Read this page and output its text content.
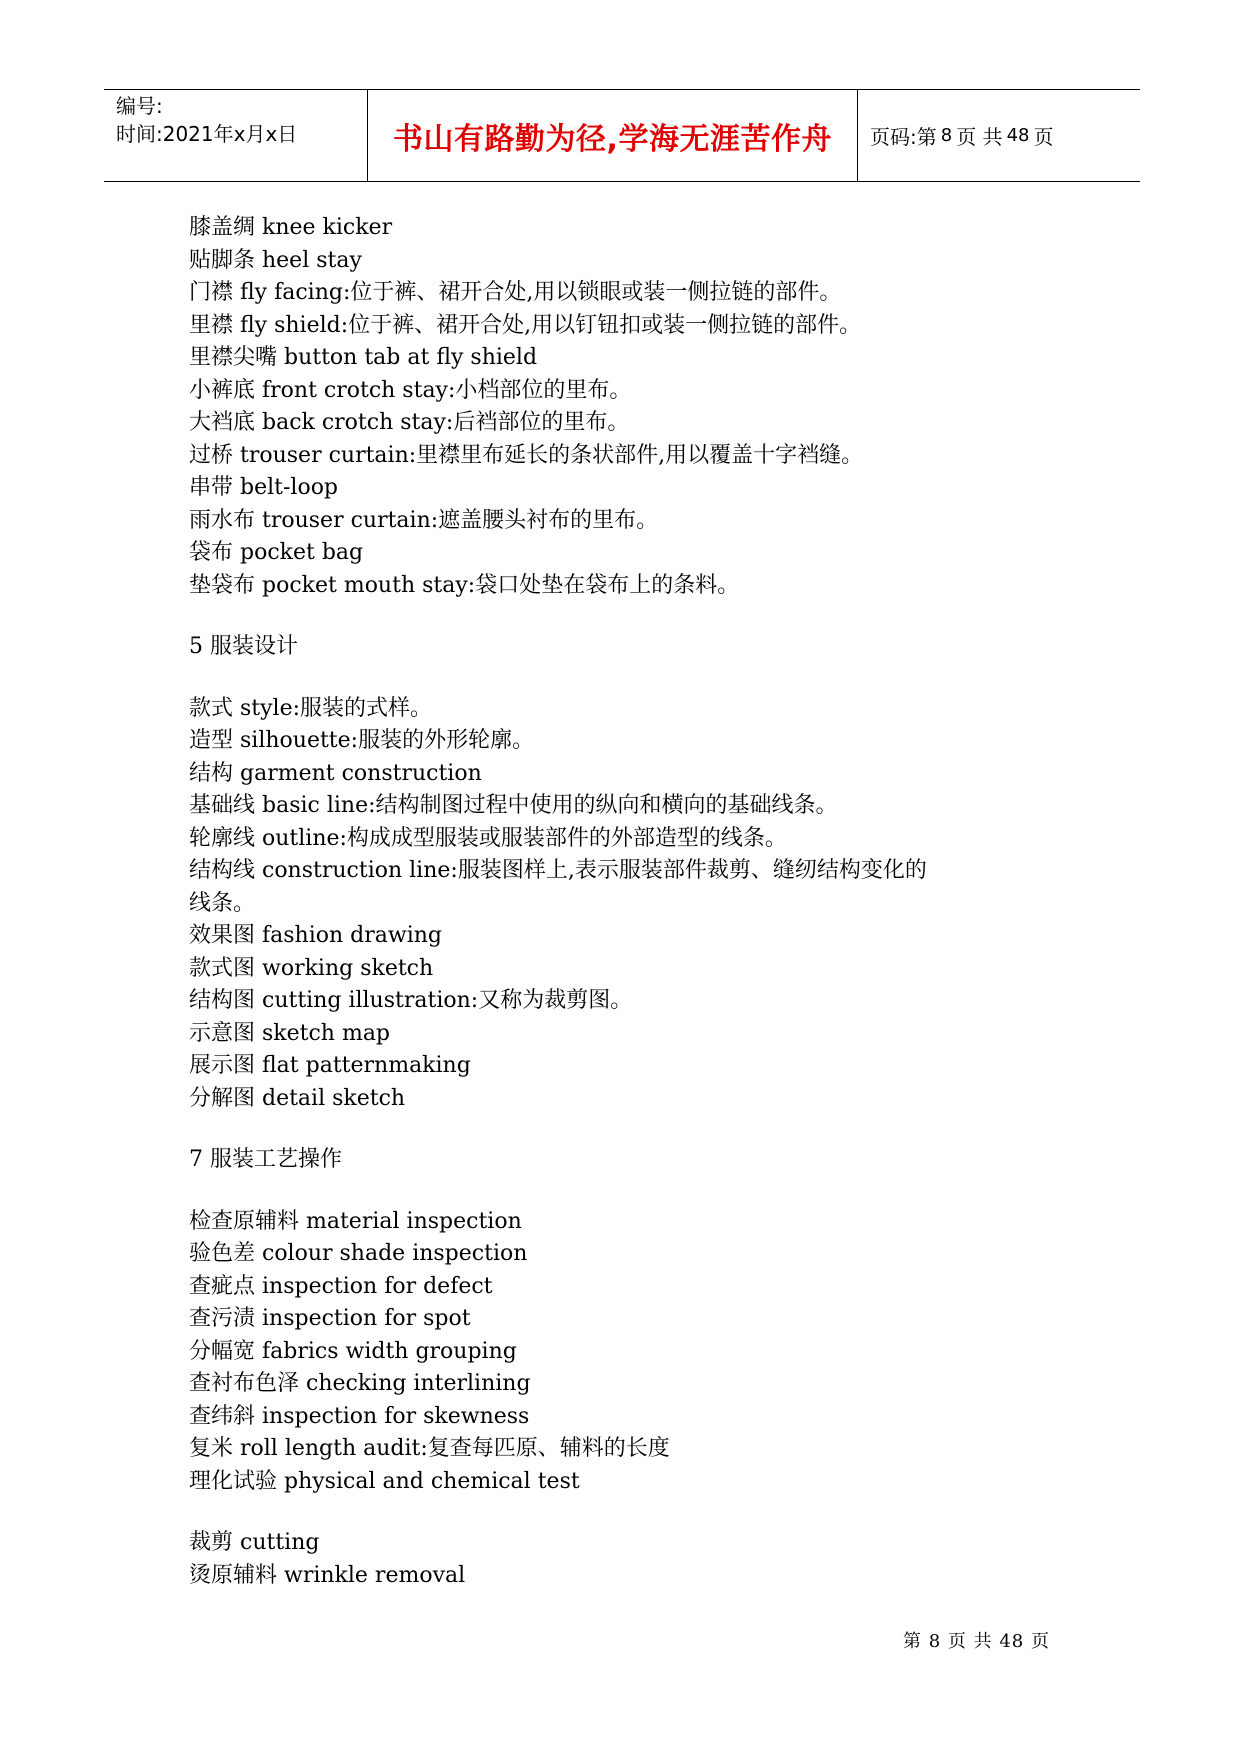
编号:
时间:2021年x月x日	书山有路勤为径,学海无涯苦作舟	页码:第 8 页 共 48 页
膝盖绸 knee kicker
贴脚条 heel stay
门襟 fly facing:位于裤、裙开合处,用以锁眼或装一侧拉链的部件。
里襟 fly shield:位于裤、裙开合处,用以钉钮扣或装一侧拉链的部件。
里襟尖嘴 button tab at fly shield
小裤底 front crotch stay:小档部位的里布。
大裆底 back crotch stay:后裆部位的里布。
过桥 trouser curtain:里襟里布延长的条状部件,用以覆盖十字裆缝。
串带 belt-loop
雨水布 trouser curtain:遮盖腰头衬布的里布。
袋布 pocket bag
垫袋布 pocket mouth stay:袋口处垫在袋布上的条料。
5 服装设计
款式 style:服装的式样。
造型 silhouette:服装的外形轮廓。
结构 garment construction
基础线 basic line:结构制图过程中使用的纵向和横向的基础线条。
轮廓线 outline:构成成型服装或服装部件的外部造型的线条。
结构线 construction line:服装图样上,表示服装部件裁剪、缝纫结构变化的
线条。
效果图 fashion drawing
款式图 working sketch
结构图 cutting illustration:又称为裁剪图。
示意图 sketch map
展示图 flat patternmaking
分解图 detail sketch
7 服装工艺操作
检查原辅料 material inspection
验色差 colour shade inspection
查疵点 inspection for defect
查污渍 inspection for spot
分幅宽 fabrics width grouping
查衬布色泽 checking interlining
查纬斜 inspection for skewness
复米 roll length audit:复查每匹原、辅料的长度
理化试验 physical and chemical test
裁剪 cutting
烫原辅料 wrinkle removal
第 8 页 共 48 页
